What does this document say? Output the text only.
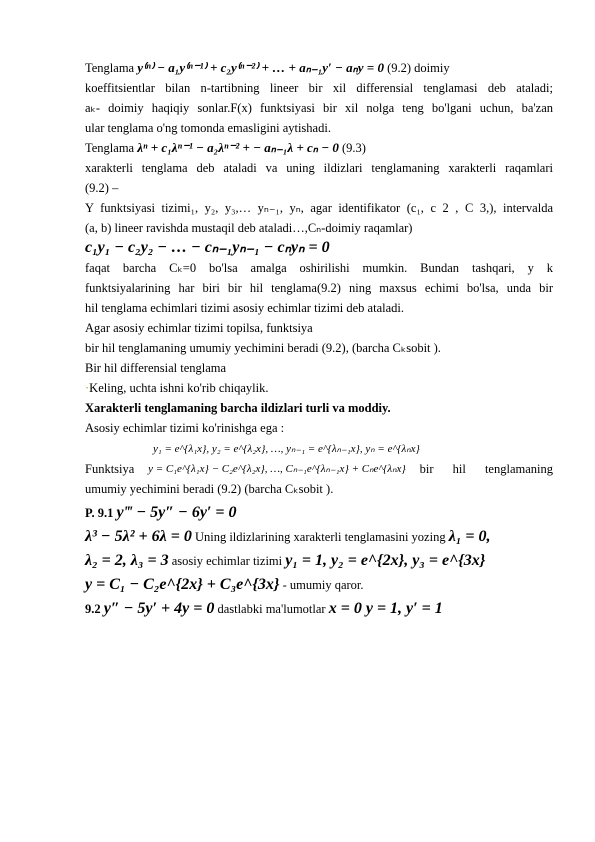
Tenglama y⁽ⁿ⁾ − a₁y⁽ⁿ⁻¹⁾ + c₂y⁽ⁿ⁻²⁾ + … + aₙ₋₁y′ − aₙy = 0 (9.2) doimiy
koeffitsientlar bilan n-tartibning lineer bir xil differensial tenglamasi deb ataladi;
aₖ- doimiy haqiqiy sonlar.F(x) funktsiyasi bir xil nolga teng bo'lgani uchun, ba'zan
ular tenglama o'ng tomonda emasligini aytishadi.
Tenglama λⁿ + c₁λⁿ⁻¹ − a₂λⁿ⁻² + − aₙ₋₁λ + cₙ − 0 (9.3)
xarakterli tenglama deb ataladi va uning ildizlari tenglamaning xarakterli raqamlari
(9.2) –
Y funktsiyasi tizimi₁, y₂, y₃,… yₙ₋₁, yₙ, agar identifikator (c₁, c 2 , C 3,), intervalda
(a, b) lineer ravishda mustaqil deb ataladi…,Cₙ-doimiy raqamlar)
c₁y₁ − c₂y₂ − … − cₙ₋₁yₙ₋₁ − cₙyₙ = 0
faqat barcha Cₖ=0 bo'lsa amalga oshirilishi mumkin. Bundan tashqari, y k
funktsiyalarining har biri bir hil tenglama(9.2) ning maxsus echimi bo'lsa, unda bir
hil tenglama echimlari tizimi asosiy echimlar tizimi deb ataladi.
Agar asosiy echimlar tizimi topilsa, funktsiya
bir hil tenglamaning umumiy yechimini beradi (9.2), (barcha Cₖsobit ).
Bir hil differensial tenglama
·Keling, uchta ishni ko'rib chiqaylik.
Xarakterli tenglamaning barcha ildizlari turli va moddiy.
Asosiy echimlar tizimi ko'rinishga ega :
y₁ = e^{λ₁x}, y₂ = e^{λ₂x}, …, yₙ₋₁ = e^{λₙ₋₁x}, yₙ = e^{λₙx}
Funktsiya y = C₁e^{λ₁x} − C₂e^{λ₂x}, …, Cₙ₋₁e^{λₙ₋₁x} + Cₙe^{λₙx} bir hil tenglamaning
umumiy yechimini beradi (9.2) (barcha Cₖsobit ).
P. 9.1 y‴ − 5y″ − 6y′ = 0
λ³ − 5λ² + 6λ = 0 Uning ildizlarining xarakterli tenglamasini yozing λ₁ = 0,
λ₂ = 2, λ₃ = 3 asosiy echimlar tizimi y₁ = 1, y₂ = e^{2x}, y₃ = e^{3x}
y = C₁ − C₂e^{2x} + C₃e^{3x} - umumiy qaror.
9.2 y″ − 5y′ + 4y = 0 dastlabki ma'lumotlar x = 0 y = 1, y′ = 1
